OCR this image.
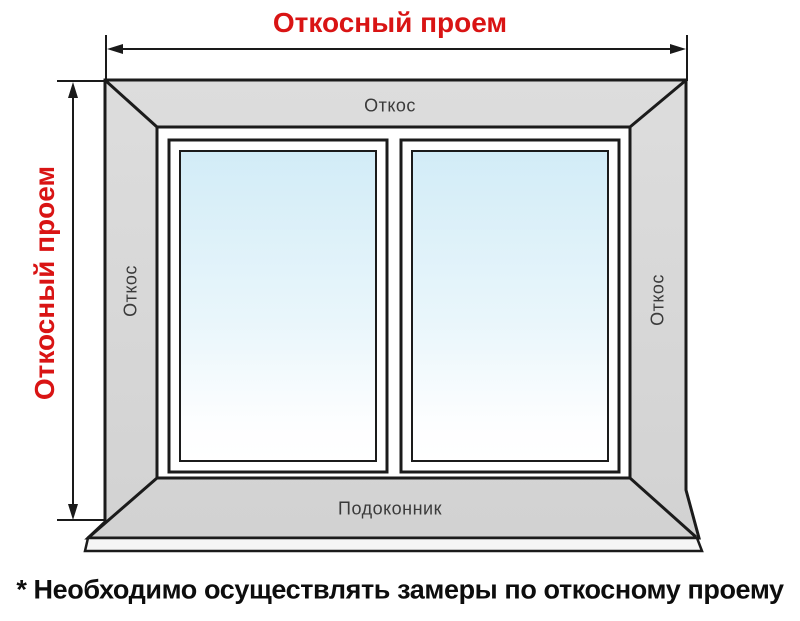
Откосный проем
Откосный проем
Откос
Откос	Откос
Подоконник
* Необходимо осуществлять замеры по откосному проему
